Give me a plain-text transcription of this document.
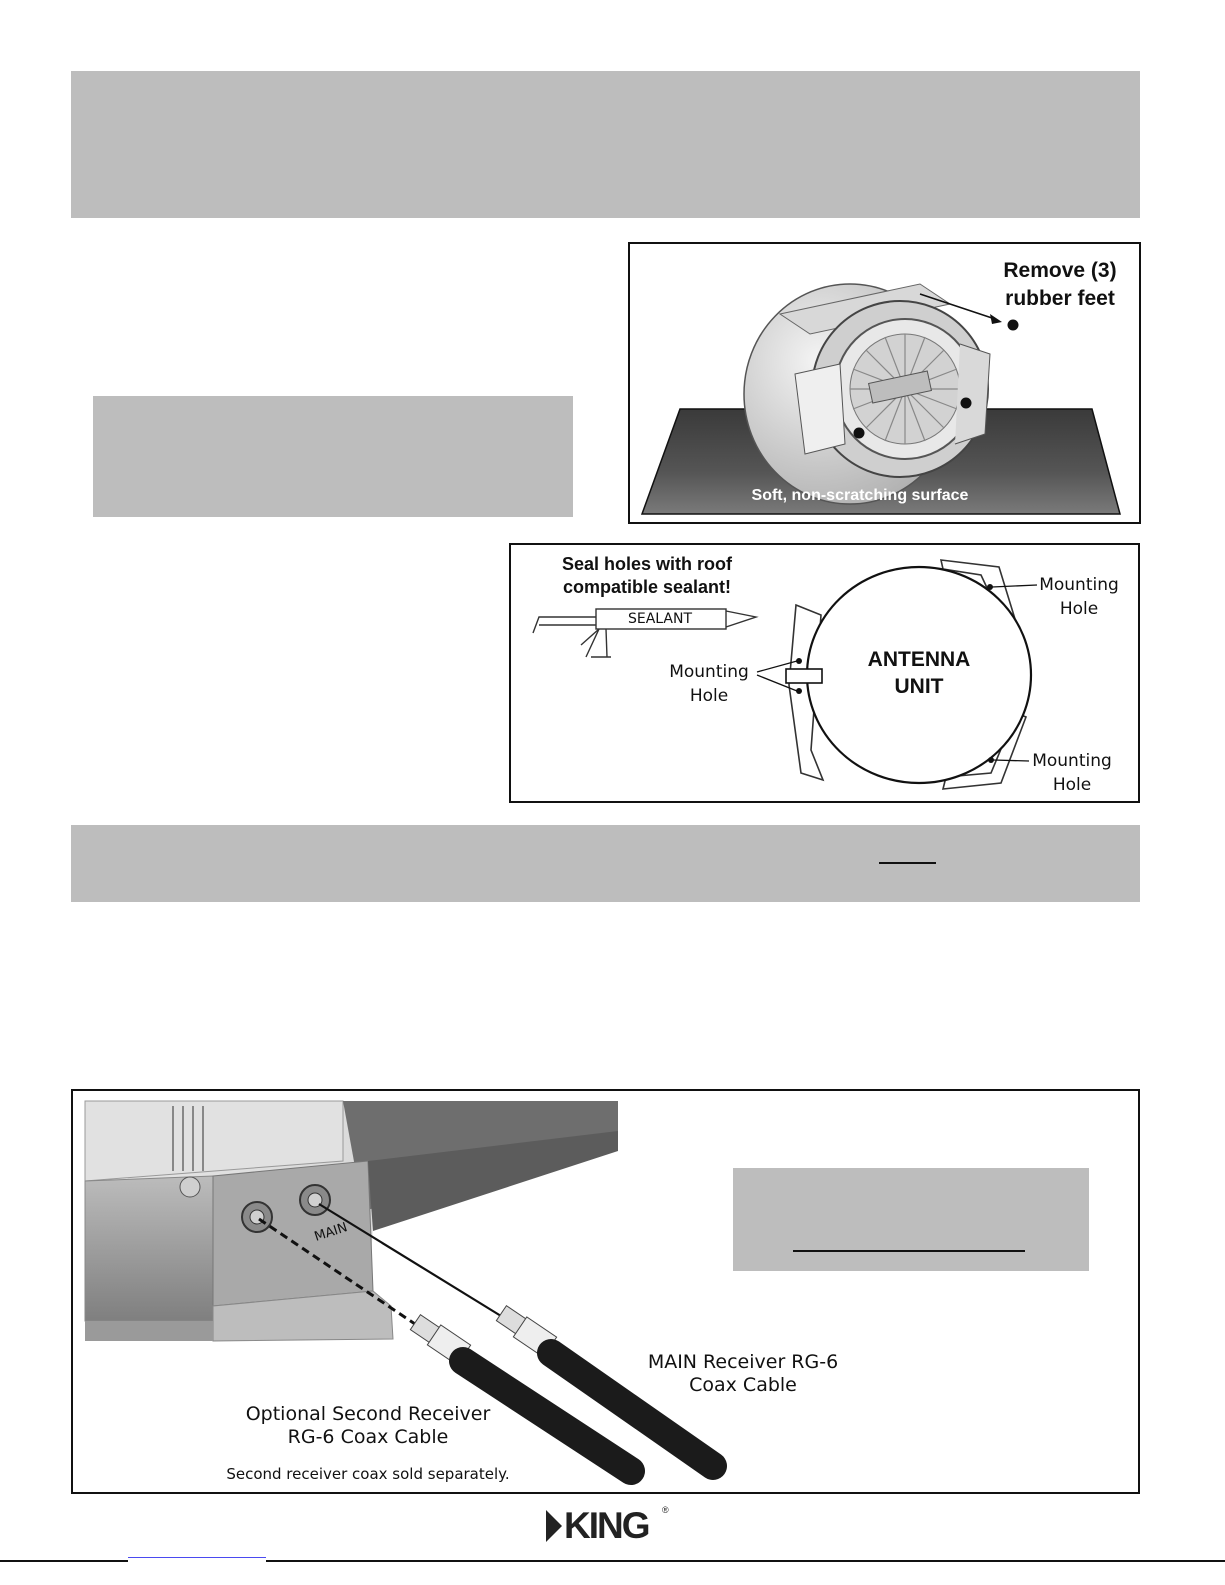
Remove (3)
rubber feet
Soft, non-scratching surface
Seal holes with roof
compatible sealant!
SEALANT
ANTENNA
UNIT
Mounting
Hole
Mounting
Hole
Mounting
Hole
MAIN
MAIN Receiver RG-6
Coax Cable
Optional Second Receiver
RG-6 Coax Cable
Second receiver coax sold separately.
KING ®
